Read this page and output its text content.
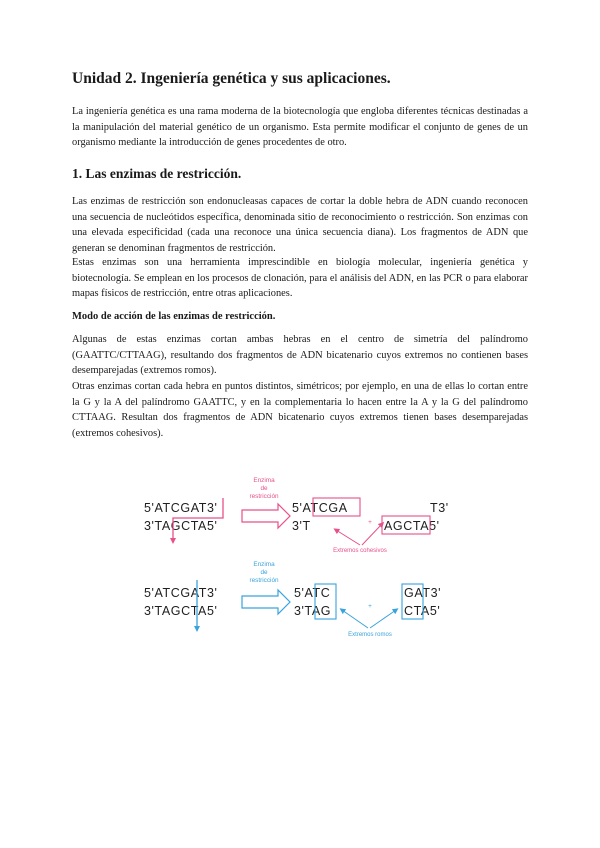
Unidad 2. Ingeniería genética y sus aplicaciones.

La ingeniería genética es una rama moderna de la biotecnología que engloba diferentes técnicas destinadas a la manipulación del material genético de un organismo. Esta permite modificar el conjunto de genes de un organismo mediante la introducción de genes procedentes de otro.

1. Las enzimas de restricción.

Las enzimas de restricción son endonucleasas capaces de cortar la doble hebra de ADN cuando reconocen una secuencia de nucleótidos específica, denominada sitio de reconocimiento o restricción. Son enzimas con una elevada especificidad (cada una reconoce una única secuencia diana). Los fragmentos de ADN que generan se denominan fragmentos de restricción.

Estas enzimas son una herramienta imprescindible en biología molecular, ingeniería genética y biotecnología. Se emplean en los procesos de clonación, para el análisis del ADN, en las PCR o para elaborar mapas físicos de restricción, entre otras aplicaciones.

Modo de acción de las enzimas de restricción.

Algunas de estas enzimas cortan ambas hebras en el centro de simetría del palíndromo (GAATTC/CTTAAG), resultando dos fragmentos de ADN bicatenario cuyos extremos no contienen bases desemparejadas (extremos romos).

Otras enzimas cortan cada hebra en puntos distintos, simétricos; por ejemplo, en una de ellas lo cortan entre la G y la A del palíndromo GAATTC, y en la complementaria lo hacen entre la A y la G del palíndromo CTTAAG. Resultan dos fragmentos de ADN bicatenario cuyos extremos tienen bases desemparejadas (extremos cohesivos).

5'ATCGAT3'
3'TAGCTA5'
Enzima
de
restricción
5'ATCGA
3'T	+
T3'
AGCTA5'
Extremos cohesivos
5'ATCGAT3'
3'TAGCTA5'
Enzima
de
restricción
5'ATC
3'TAG	+
GAT3'
CTA5'
Extremos romos
